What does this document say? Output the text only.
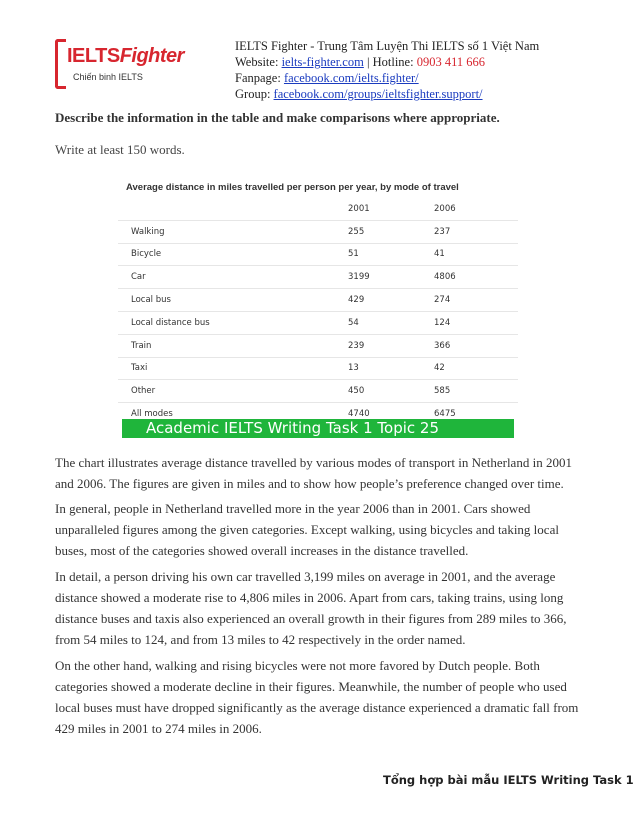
IELTSFighter
Chiến binh IELTS
IELTS Fighter - Trung Tâm Luyện Thi IELTS số 1 Việt Nam
Website: ielts-fighter.com | Hotline: 0903 411 666
Fanpage: facebook.com/ielts.fighter/
Group: facebook.com/groups/ieltsfighter.support/
Describe the information in the table and make comparisons where appropriate.
Write at least 150 words.
Average distance in miles travelled per person per year, by mode of travel
	2001	2006
Walking	255	237
Bicycle	51	41
Car	3199	4806
Local bus	429	274
Local distance bus	54	124
Train	239	366
Taxi	13	42
Other	450	585
All modes	4740	6475
Academic IELTS Writing Task 1 Topic 25

The chart illustrates average distance travelled by various modes of transport in Netherland in 2001 and 2006. The figures are given in miles and to show how people’s preference changed over time.

In general, people in Netherland travelled more in the year 2006 than in 2001. Cars showed unparalleled figures among the given categories. Except walking, using bicycles and taking local buses, most of the categories showed overall increases in the distance travelled.

In detail, a person driving his own car travelled 3,199 miles on average in 2001, and the average distance showed a moderate rise to 4,806 miles in 2006. Apart from cars, taking trains, using long distance buses and taxis also experienced an overall growth in their figures from 289 miles to 366, from 54 miles to 124, and from 13 miles to 42 respectively in the order named.

On the other hand, walking and rising bicycles were not more favored by Dutch people. Both categories showed a moderate decline in their figures. Meanwhile, the number of people who used local buses must have dropped significantly as the average distance experienced a dramatic fall from 429 miles in 2001 to 274 miles in 2006.

Tổng hợp bài mẫu IELTS Writing Task 1
